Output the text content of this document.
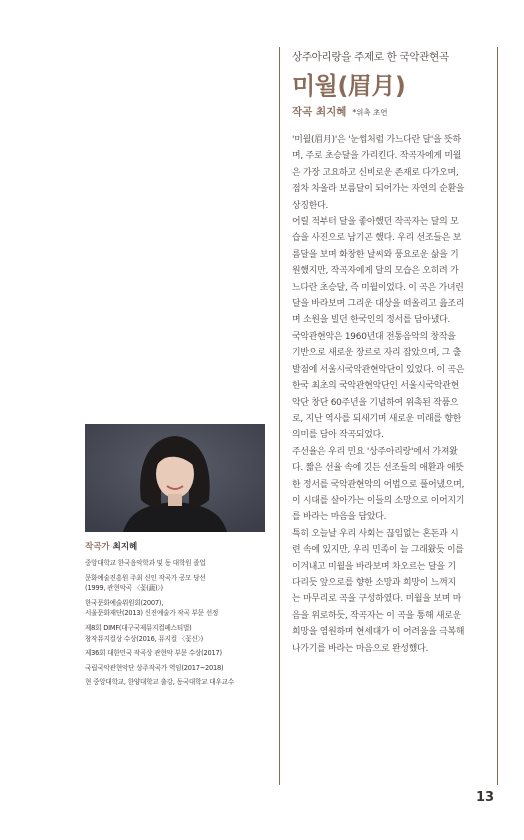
상주아리랑을 주제로 한 국악관현곡
미월(眉月)
작곡 최지혜 *위촉 초연

'미월(眉月)'은 '눈썹처럼 가느다란 달'을 뜻하

며, 주로 초승달을 가리킨다. 작곡자에게 미월

은 가장 고요하고 신비로운 존재로 다가오며,

점차 차올라 보름달이 되어가는 자연의 순환을

상징한다.

어릴 적부터 달을 좋아했던 작곡자는 달의 모

습을 사진으로 남기곤 했다. 우리 선조들은 보

름달을 보며 화창한 날씨와 풍요로운 삶을 기

원했지만, 작곡자에게 달의 모습은 오히려 가

느다란 초승달, 즉 미월이었다. 이 곡은 가녀린

달을 바라보며 그리운 대상을 떠올리고 읊조리

며 소원을 빌던 한국인의 정서를 담아냈다.

국악관현악은 1960년대 전통음악의 창작을

기반으로 새로운 장르로 자리 잡았으며, 그 출

발점에 서울시국악관현악단이 있었다. 이 곡은

한국 최초의 국악관현악단인 서울시국악관현

악단 창단 60주년을 기념하여 위촉된 작품으

로, 지난 역사를 되새기며 새로운 미래를 향한

의미를 담아 작곡되었다.

주선율은 우리 민요 '상주아리랑'에서 가져왔

다. 짧은 선율 속에 깃든 선조들의 애환과 애뜻

한 정서를 국악관현악의 어법으로 풀어냈으며,

이 시대를 살아가는 이들의 소망으로 이어지기

를 바라는 마음을 담았다.

특히 오늘날 우리 사회는 끊임없는 혼돈과 시

련 속에 있지만, 우리 민족이 늘 그래왔듯 이를

이겨내고 미월을 바라보며 차오르는 달을 기

다리듯 앞으로를 향한 소망과 희망이 느껴지

는 마무리로 곡을 구성하였다. 미월을 보며 마

음을 위로하듯, 작곡자는 이 곡을 통해 새로운

희망을 염원하며 현세대가 이 어려움을 극복해

나가기를 바라는 마음으로 완성했다.

작곡가 최지혜
중앙대학교 한국음악학과 및 동 대학원 졸업
문화예술진흥원 주최 신인 작곡가 공모 당선
(1999, 관현악곡 〈꽃(蔬)〉)
한국문화예술위원회(2007),
서울문화재단(2013) 신진예술가 작곡 부문 선정
제8회 DIMF(대구국제뮤지컬페스티벌)
창작뮤지컬상 수상(2016, 뮤지컬 〈꽃신〉)
제36회 대한민국 작곡상 관현악 부문 수상(2017)
국립국악관현악단 상주작곡가 역임(2017~2018)
현 중앙대학교, 한양대학교 출강, 동국대학교 대우교수
13
